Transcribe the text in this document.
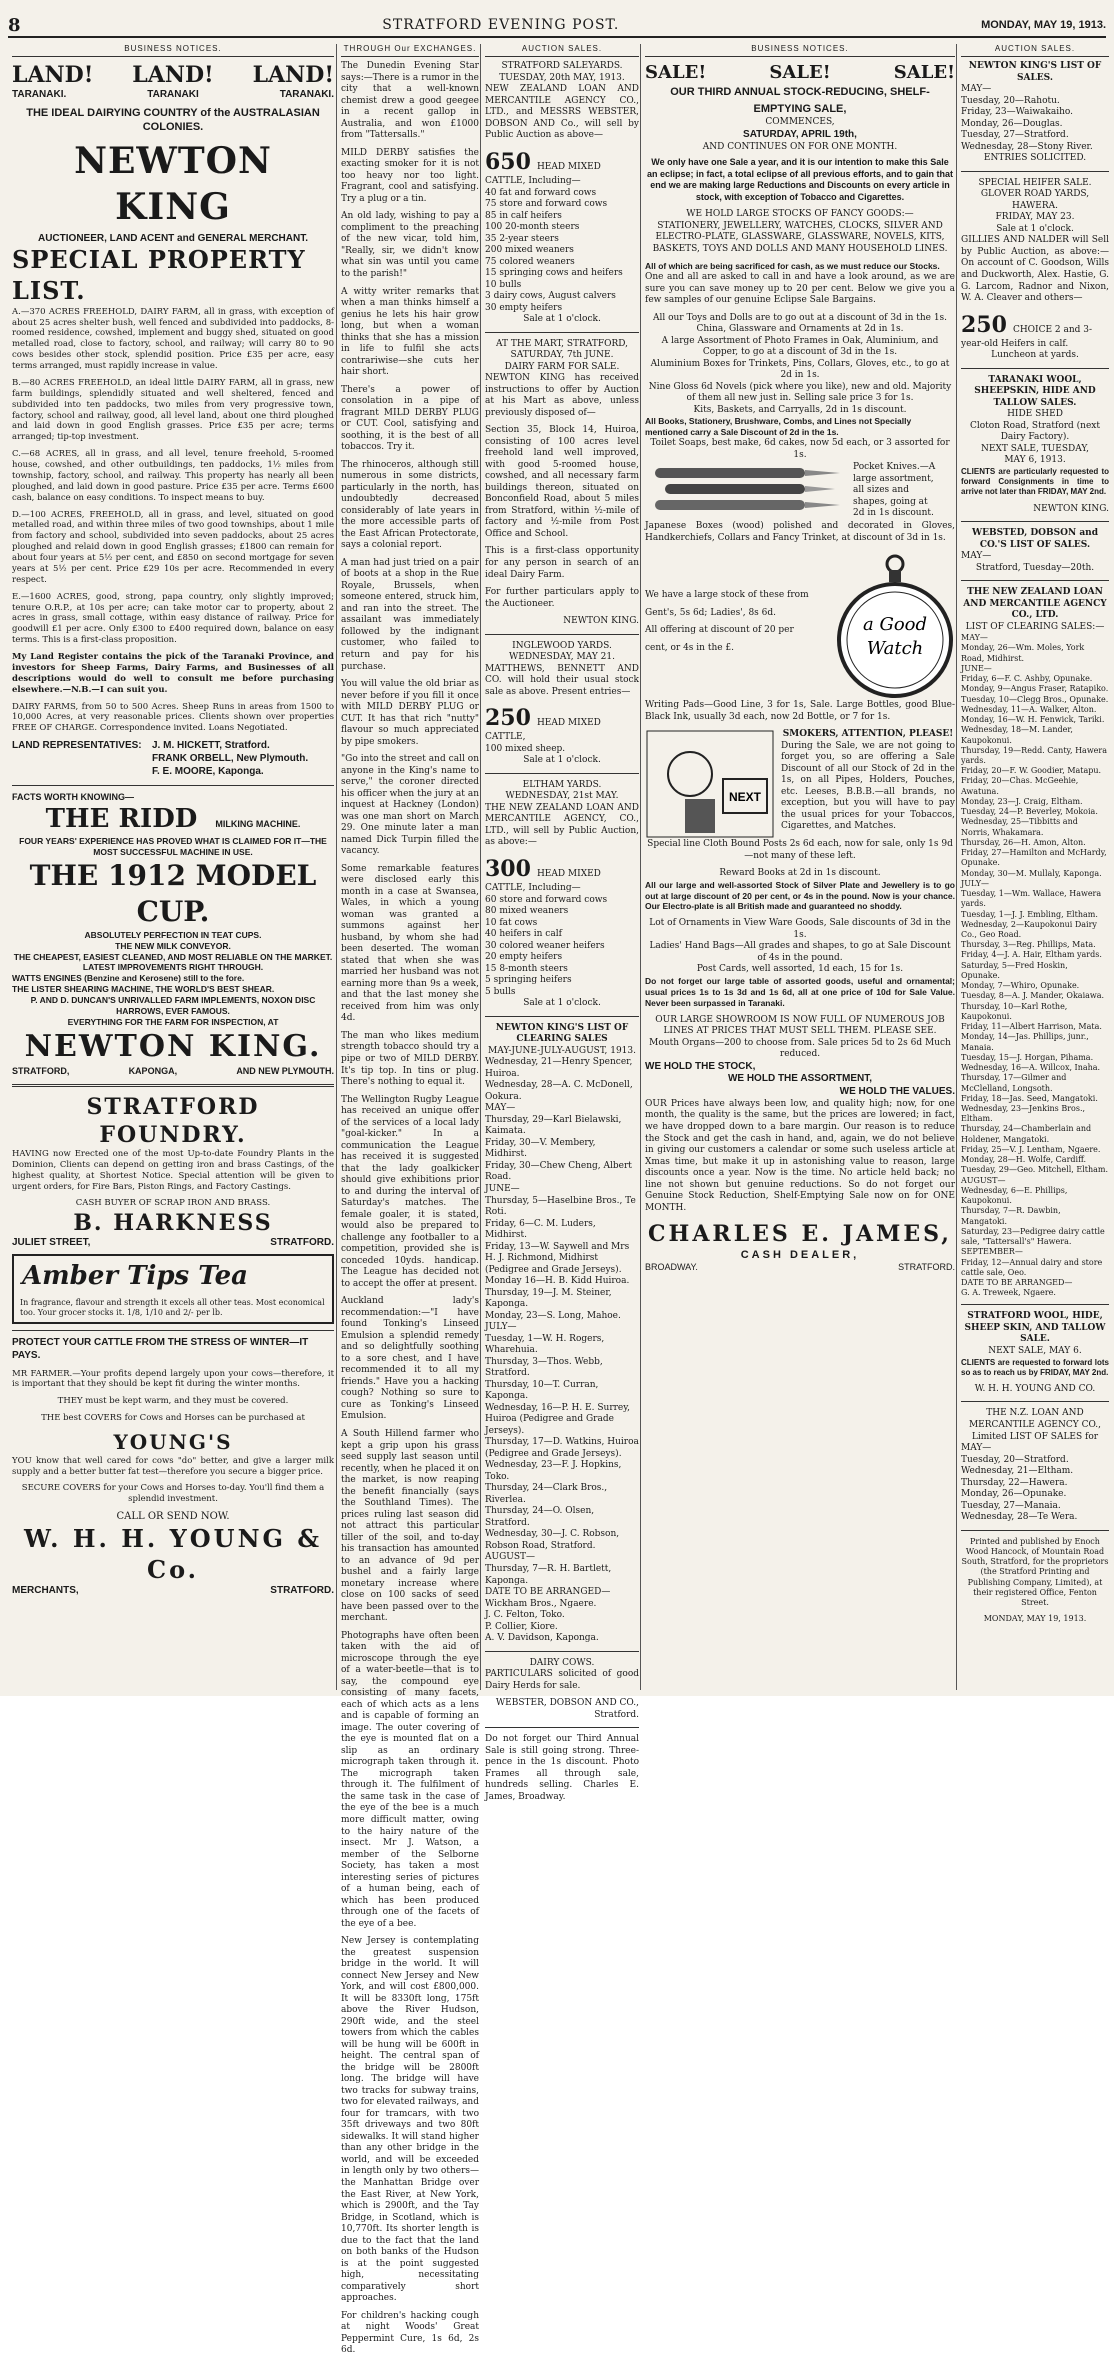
8	STRATFORD EVENING POST.	MONDAY, MAY 19, 1913.
BUSINESS NOTICES.
LAND! LAND! LAND!
TARANAKI.	TARANAKI	TARANAKI.
THE IDEAL DAIRYING COUNTRY of the AUSTRALASIAN COLONIES.
NEWTON KING
AUCTIONEER, LAND ACENT and GENERAL MERCHANT.
SPECIAL PROPERTY LIST.

A.—370 ACRES FREEHOLD, DAIRY FARM, all in grass, with exception of about 25 acres shelter bush, well fenced and subdivided into paddocks, 8-roomed residence, cowshed, implement and buggy shed, situated on good metalled road, close to factory, school, and railway; will carry 80 to 90 cows besides other stock, splendid position. Price £35 per acre, easy terms arranged, must rapidly increase in value.

B.—80 ACRES FREEHOLD, an ideal little DAIRY FARM, all in grass, new farm buildings, splendidly situated and well sheltered, fenced and subdivided into ten paddocks, two miles from very progressive town, factory, school and railway, good, all level land, about one third ploughed and laid down in good English grasses. Price £35 per acre; terms arranged; tip-top investment.

C.—68 ACRES, all in grass, and all level, tenure freehold, 5-roomed house, cowshed, and other outbuildings, ten paddocks, 1½ miles from township, factory, school, and railway. This property has nearly all been ploughed, and laid down in good pasture. Price £35 per acre. Terms £600 cash, balance on easy conditions. To inspect means to buy.

D.—100 ACRES, FREEHOLD, all in grass, and level, situated on good metalled road, and within three miles of two good townships, about 1 mile from factory and school, subdivided into seven paddocks, about 25 acres ploughed and relaid down in good English grasses; £1800 can remain for about four years at 5½ per cent, and £850 on second mortgage for seven years at 5½ per cent. Price £29 10s per acre. Recommended in every respect.

E.—1600 ACRES, good, strong, papa country, only slightly improved; tenure O.R.P., at 10s per acre; can take motor car to property, about 2 acres in grass, small cottage, within easy distance of railway. Price for goodwill £1 per acre. Only £300 to £400 required down, balance on easy terms. This is a first-class proposition.

My Land Register contains the pick of the Taranaki Province, and investors for Sheep Farms, Dairy Farms, and Businesses of all descriptions would do well to consult me before purchasing elsewhere.—N.B.—I can suit you.

DAIRY FARMS, from 50 to 500 Acres. Sheep Runs in areas from 1500 to 10,000 Acres, at very reasonable prices. Clients shown over properties FREE OF CHARGE. Correspondence invited. Loans Negotiated.

LAND REPRESENTATIVES:	J. M. HICKETT, Stratford.
FRANK ORBELL, New Plymouth.
F. E. MOORE, Kaponga.
FACTS WORTH KNOWING—
THE RIDD MILKING MACHINE.
FOUR YEARS' EXPERIENCE HAS PROVED WHAT IS CLAIMED FOR IT—THE MOST SUCCESSFUL MACHINE IN USE.
THE 1912 MODEL CUP.
ABSOLUTELY PERFECTION IN TEAT CUPS.
THE NEW MILK CONVEYOR.
THE CHEAPEST, EASIEST CLEANED, AND MOST RELIABLE ON THE MARKET.
LATEST IMPROVEMENTS RIGHT THROUGH.
WATTS ENGINES (Benzine and Kerosene) still to the fore.
THE LISTER SHEARING MACHINE, THE WORLD'S BEST SHEAR.
P. AND D. DUNCAN'S UNRIVALLED FARM IMPLEMENTS, NOXON DISC HARROWS, EVER FAMOUS.
EVERYTHING FOR THE FARM FOR INSPECTION, AT
NEWTON KING.
STRATFORD,	KAPONGA,	AND NEW PLYMOUTH.
STRATFORD FOUNDRY.

HAVING now Erected one of the most Up-to-date Foundry Plants in the Dominion, Clients can depend on getting iron and brass Castings, of the highest quality, at Shortest Notice. Special attention will be given to urgent orders, for Fire Bars, Piston Rings, and Factory Castings.

CASH BUYER OF SCRAP IRON AND BRASS.
B. HARKNESS
JULIET STREET,	STRATFORD.
Amber Tips Tea
In fragrance, flavour and strength it excels all other teas. Most economical too. Your grocer stocks it. 1/8, 1/10 and 2/- per lb.
PROTECT YOUR CATTLE FROM THE STRESS OF WINTER—IT PAYS.

MR FARMER.—Your profits depend largely upon your cows—therefore, it is important that they should be kept fit during the winter months.

THEY must be kept warm, and they must be covered.

THE best COVERS for Cows and Horses can be purchased at

YOUNG'S

YOU know that well cared for cows "do" better, and give a larger milk supply and a better butter fat test—therefore you secure a bigger price.

SECURE COVERS for your Cows and Horses to-day. You'll find them a splendid investment.

CALL OR SEND NOW.
W. H. H. YOUNG & Co.
MERCHANTS,	STRATFORD.
THROUGH Our EXCHANGES.

The Dunedin Evening Star says:—There is a rumor in the city that a well-known chemist drew a good geegee in a recent gallop in Australia, and won £1000 from "Tattersalls."

MILD DERBY satisfies the exacting smoker for it is not too heavy nor too light. Fragrant, cool and satisfying. Try a plug or a tin.

An old lady, wishing to pay a compliment to the preaching of the new vicar, told him, "Really, sir, we didn't know what sin was until you came to the parish!"

A witty writer remarks that when a man thinks himself a genius he lets his hair grow long, but when a woman thinks that she has a mission in life to fulfil she acts contrariwise—she cuts her hair short.

There's a power of consolation in a pipe of fragrant MILD DERBY PLUG or CUT. Cool, satisfying and soothing, it is the best of all tobaccos. Try it.

The rhinoceros, although still numerous in some districts, particularly in the north, has undoubtedly decreased considerably of late years in the more accessible parts of the East African Protectorate, says a colonial report.

A man had just tried on a pair of boots at a shop in the Rue Royale, Brussels, when someone entered, struck him, and ran into the street. The assailant was immediately followed by the indignant customer, who failed to return and pay for his purchase.

You will value the old briar as never before if you fill it once with MILD DERBY PLUG or CUT. It has that rich "nutty" flavour so much appreciated by pipe smokers.

"Go into the street and call on anyone in the King's name to serve," the coroner directed his officer when the jury at an inquest at Hackney (London) was one man short on March 29. One minute later a man named Dick Turpin filled the vacancy.

Some remarkable features were disclosed early this month in a case at Swansea, Wales, in which a young woman was granted a summons against her husband, by whom she had been deserted. The woman stated that when she was married her husband was not earning more than 9s a week, and that the last money she received from him was only 4d.

The man who likes medium strength tobacco should try a pipe or two of MILD DERBY. It's tip top. In tins or plug. There's nothing to equal it.

The Wellington Rugby League has received an unique offer of the services of a local lady "goal-kicker." In a communication the League has received it is suggested that the lady goalkicker should give exhibitions prior to and during the interval of Saturday's matches. The female goaler, it is stated, would also be prepared to challenge any footballer to a competition, provided she is conceded 10yds. handicap. The League has decided not to accept the offer at present.

Auckland lady's recommendation:—"I have found Tonking's Linseed Emulsion a splendid remedy and so delightfully soothing to a sore chest, and I have recommended it to all my friends." Have you a hacking cough? Nothing so sure to cure as Tonking's Linseed Emulsion.

A South Hillend farmer who kept a grip upon his grass seed supply last season until recently, when he placed it on the market, is now reaping the benefit financially (says the Southland Times). The prices ruling last season did not attract this particular tiller of the soil, and to-day his transaction has amounted to an advance of 9d per bushel and a fairly large monetary increase where close on 100 sacks of seed have been passed over to the merchant.

Photographs have often been taken with the aid of microscope through the eye of a water-beetle—that is to say, the compound eye consisting of many facets, each of which acts as a lens and is capable of forming an image. The outer covering of the eye is mounted flat on a slip as an ordinary micrograph taken through it. The micrograph taken through it. The fulfilment of the same task in the case of the eye of the bee is a much more difficult matter, owing to the hairy nature of the insect. Mr J. Watson, a member of the Selborne Society, has taken a most interesting series of pictures of a human being, each of which has been produced through one of the facets of the eye of a bee.

New Jersey is contemplating the greatest suspension bridge in the world. It will connect New Jersey and New York, and will cost £800,000. It will be 8330ft long, 175ft above the River Hudson, 290ft wide, and the steel towers from which the cables will be hung will be 600ft in height. The central span of the bridge will be 2800ft long. The bridge will have two tracks for subway trains, two for elevated railways, and four for tramcars, with two 35ft driveways and two 80ft sidewalks. It will stand higher than any other bridge in the world, and will be exceeded in length only by two others—the Manhattan Bridge over the East River, at New York, which is 2900ft, and the Tay Bridge, in Scotland, which is 10,770ft. Its shorter length is due to the fact that the land on both banks of the Hudson is at the point suggested high, necessitating comparatively short approaches.

For children's hacking cough at night Woods' Great Peppermint Cure, 1s 6d, 2s 6d.

AUCTION SALES.
STRATFORD SALEYARDS.
TUESDAY, 20th MAY, 1913.

NEW ZEALAND LOAN AND MERCANTILE AGENCY CO., LTD., and MESSRS WEBSTER, DOBSON AND Co., will sell by Public Auction as above—

650 HEAD MIXED CATTLE, Including—
40 fat and forward cows
75 store and forward cows
85 in calf heifers
100 20-month steers
35 2-year steers
200 mixed weaners
75 colored weaners
15 springing cows and heifers
10 bulls
3 dairy cows, August calvers
30 empty heifers
Sale at 1 o'clock.
AT THE MART, STRATFORD,
SATURDAY, 7th JUNE.
DAIRY FARM FOR SALE.

NEWTON KING has received instructions to offer by Auction at his Mart as above, unless previously disposed of—

Section 35, Block 14, Huiroa, consisting of 100 acres level freehold land well improved, with good 5-roomed house, cowshed, and all necessary farm buildings thereon, situated on Bonconfield Road, about 5 miles from Stratford, within ½-mile of factory and ½-mile from Post Office and School.

This is a first-class opportunity for any person in search of an ideal Dairy Farm.

For further particulars apply to the Auctioneer.

NEWTON KING.
INGLEWOOD YARDS.
WEDNESDAY, MAY 21.

MATTHEWS, BENNETT AND CO. will hold their usual stock sale as above. Present entries—

250 HEAD MIXED CATTLE,
100 mixed sheep.
Sale at 1 o'clock.
ELTHAM YARDS.
WEDNESDAY, 21st MAY.

THE NEW ZEALAND LOAN AND MERCANTILE AGENCY, CO., LTD., will sell by Public Auction, as above:—

300 HEAD MIXED CATTLE, Including—
60 store and forward cows
80 mixed weaners
10 fat cows
40 heifers in calf
30 colored weaner heifers
20 empty heifers
15 8-month steers
5 springing heifers
5 bulls
Sale at 1 o'clock.
NEWTON KING'S LIST OF CLEARING SALES
MAY-JUNE-JULY-AUGUST, 1913.
Wednesday, 21—Henry Spencer, Huiroa.
Wednesday, 28—A. C. McDonell, Ookura.
MAY—
Thursday, 29—Karl Bielawski, Kaimata.
Friday, 30—V. Membery, Midhirst.
Friday, 30—Chew Cheng, Albert Road.
JUNE—
Thursday, 5—Haselbine Bros., Te Roti.
Friday, 6—C. M. Luders, Midhirst.
Friday, 13—W. Saywell and Mrs H. J. Richmond, Midhirst (Pedigree and Grade Jerseys).
Monday 16—H. B. Kidd Huiroa.
Thursday, 19—J. M. Steiner, Kaponga.
Monday, 23—S. Long, Mahoe.
JULY—
Tuesday, 1—W. H. Rogers, Wharehuia.
Thursday, 3—Thos. Webb, Stratford.
Thursday, 10—T. Curran, Kaponga.
Wednesday, 16—P. H. E. Surrey, Huiroa (Pedigree and Grade Jerseys).
Thursday, 17—D. Watkins, Huiroa (Pedigree and Grade Jerseys).
Wednesday, 23—F. J. Hopkins, Toko.
Thursday, 24—Clark Bros., Riverlea.
Thursday, 24—O. Olsen, Stratford.
Wednesday, 30—J. C. Robson, Robson Road, Stratford.
AUGUST—
Thursday, 7—R. H. Bartlett, Kaponga.
DATE TO BE ARRANGED—
Wickham Bros., Ngaere.
J. C. Felton, Toko.
P. Collier, Kiore.
A. V. Davidson, Kaponga.
DAIRY COWS.

PARTICULARS solicited of good Dairy Herds for sale.

WEBSTER, DOBSON AND CO., Stratford.

Do not forget our Third Annual Sale is still going strong. Three-pence in the 1s discount. Photo Frames all through sale, hundreds selling. Charles E. James, Broadway.

BUSINESS NOTICES.
SALE!	SALE!	SALE!
OUR THIRD ANNUAL STOCK-REDUCING, SHELF-EMPTYING SALE,
COMMENCES,
SATURDAY, APRIL 19th,
AND CONTINUES ON FOR ONE MONTH.

We only have one Sale a year, and it is our intention to make this Sale an eclipse; in fact, a total eclipse of all previous efforts, and to gain that end we are making large Reductions and Discounts on every article in stock, with exception of Tobacco and Cigarettes.

WE HOLD LARGE STOCKS OF FANCY GOODS:—

STATIONERY, JEWELLERY, WATCHES, CLOCKS, SILVER AND ELECTRO-PLATE, GLASSWARE, GLASSWARE, NOVELS, KITS, BASKETS, TOYS AND DOLLS AND MANY HOUSEHOLD LINES.

All of which are being sacrificed for cash, as we must reduce our Stocks.

One and all are asked to call in and have a look around, as we are sure you can save money up to 20 per cent. Below we give you a few samples of our genuine Eclipse Sale Bargains.

All our Toys and Dolls are to go out at a discount of 3d in the 1s.
China, Glassware and Ornaments at 2d in 1s.
A large Assortment of Photo Frames in Oak, Aluminium, and Copper, to go at a discount of 3d in the 1s.
Aluminium Boxes for Trinkets, Pins, Collars, Gloves, etc., to go at 2d in 1s.
Nine Gloss 6d Novels (pick where you like), new and old. Majority of them all new just in. Selling sale price 3 for 1s.
Kits, Baskets, and Carryalls, 2d in 1s discount.
All Books, Stationery, Brushware, Combs, and Lines not Specially mentioned carry a Sale Discount of 2d in the 1s.
Toilet Soaps, best make, 6d cakes, now 5d each, or 3 assorted for 1s.
Pocket Knives.—A
large assortment,
all sizes and
shapes, going at
2d in 1s discount.

Japanese Boxes (wood) polished and decorated in Gloves, Handkerchiefs, Collars and Fancy Trinket, at discount of 3d in 1s.

We have a large stock of these from

Gent's, 5s 6d; Ladies', 8s 6d.

All offering at discount of 20 per

cent, or 4s in the £.

a Good
Watch

Writing Pads—Good Line, 3 for 1s, Sale. Large Bottles, good Blue-Black Ink, usually 3d each, now 2d Bottle, or 7 for 1s.

NEXT
SMOKERS, ATTENTION, PLEASE!

During the Sale, we are not going to forget you, so are offering a Sale Discount of all our Stock of 2d in the 1s, on all Pipes, Holders, Pouches, etc. Leeses, B.B.B.—all brands, no exception, but you will have to pay the usual prices for your Tobaccos, Cigarettes, and Matches.

Special line Cloth Bound Posts 2s 6d each, now for sale, only 1s 9d—not many of these left.

Reward Books at 2d in 1s discount.

All our large and well-assorted Stock of Silver Plate and Jewellery is to go out at large discount of 20 per cent, or 4s in the pound. Now is your chance. Our Electro-plate is all British made and guaranteed no shoddy.

Lot of Ornaments in View Ware Goods, Sale discounts of 3d in the 1s.
Ladies' Hand Bags—All grades and shapes, to go at Sale Discount of 4s in the pound.
Post Cards, well assorted, 1d each, 15 for 1s.

Do not forget our large table of assorted goods, useful and ornamental; usual prices 1s to 1s 3d and 1s 6d, all at one price of 10d for Sale Value. Never been surpassed in Taranaki.

OUR LARGE SHOWROOM IS NOW FULL OF NUMEROUS JOB LINES AT PRICES THAT MUST SELL THEM. PLEASE SEE.
Mouth Organs—200 to choose from. Sale prices 5d to 2s 6d Much reduced.
WE HOLD THE STOCK,
WE HOLD THE ASSORTMENT,
WE HOLD THE VALUES.

OUR Prices have always been low, and quality high; now, for one month, the quality is the same, but the prices are lowered; in fact, we have dropped down to a bare margin. Our reason is to reduce the Stock and get the cash in hand, and, again, we do not believe in giving our customers a calendar or some such useless article at Xmas time, but make it up in astonishing value to reason, large discounts once a year. Now is the time. No article held back; no line not shown but genuine reductions. So do not forget our Genuine Stock Reduction, Shelf-Emptying Sale now on for ONE MONTH.

CHARLES E. JAMES,
CASH DEALER,
BROADWAY.	STRATFORD.
AUCTION SALES.
NEWTON KING'S LIST OF SALES.
MAY—
Tuesday, 20—Rahotu.
Friday, 23—Waiwakaiho.
Monday, 26—Douglas.
Tuesday, 27—Stratford.
Wednesday, 28—Stony River.
ENTRIES SOLICITED.
SPECIAL HEIFER SALE.
GLOVER ROAD YARDS, HAWERA.
FRIDAY, MAY 23.
Sale at 1 o'clock.

GILLIES AND NALDER will Sell by Public Auction, as above:—On account of C. Goodson, Wills and Duckworth, Alex. Hastie, G. G. Larcom, Radnor and Nixon, W. A. Cleaver and others—

250 CHOICE 2 and 3-year-old Heifers in calf.
Luncheon at yards.
TARANAKI WOOL, SHEEPSKIN, HIDE AND TALLOW SALES.
HIDE SHED
Cloton Road, Stratford (next Dairy Factory).
NEXT SALE, TUESDAY,
MAY 6, 1913.

CLIENTS are particularly requested to forward Consignments in time to arrive not later than FRIDAY, MAY 2nd.

NEWTON KING.
WEBSTED, DOBSON and CO.'S LIST OF SALES.
MAY—
Stratford, Tuesday—20th.
THE NEW ZEALAND LOAN AND MERCANTILE AGENCY CO., LTD.
LIST OF CLEARING SALES:—
MAY—
Monday, 26—Wm. Moles, York Road, Midhirst.
JUNE—
Friday, 6—F. C. Ashby, Opunake.
Monday, 9—Angus Fraser, Ratapiko.
Tuesday, 10—Clegg Bros., Opunake.
Wednesday, 11—A. Walker, Alton.
Monday, 16—W. H. Fenwick, Tariki.
Wednesday, 18—M. Lander, Kaupokonui.
Thursday, 19—Redd. Canty, Hawera yards.
Friday, 20—F. W. Goodier, Matapu.
Friday, 20—Chas. McGeehie, Awatuna.
Monday, 23—J. Craig, Eltham.
Tuesday, 24—P. Beverley, Mokoia.
Wednesday, 25—Tibbitts and Norris, Whakamara.
Thursday, 26—H. Amon, Alton.
Friday, 27—Hamilton and McHardy, Opunake.
Monday, 30—M. Mullaly, Kaponga.
JULY—
Tuesday, 1—Wm. Wallace, Hawera yards.
Tuesday, 1—J. J. Embling, Eltham.
Wednesday, 2—Kaupokonui Dairy Co., Geo Road.
Thursday, 3—Reg. Phillips, Mata.
Friday, 4—J. A. Hair, Eltham yards.
Saturday, 5—Fred Hoskin, Opunake.
Monday, 7—Whiro, Opunake.
Tuesday, 8—A. J. Mander, Okaiawa.
Thursday, 10—Karl Rothe, Kaupokonui.
Friday, 11—Albert Harrison, Mata.
Monday, 14—Jas. Phillips, junr., Manaia.
Tuesday, 15—J. Horgan, Pihama.
Wednesday, 16—A. Willcox, Inaha.
Thursday, 17—Gilmer and McClelland, Longsoth.
Friday, 18—Jas. Seed, Mangatoki.
Wednesday, 23—Jenkins Bros., Eltham.
Thursday, 24—Chamberlain and Holdener, Mangatoki.
Friday, 25—V. J. Lentham, Ngaere.
Monday, 28—H. Wolfe, Cardiff.
Tuesday, 29—Geo. Mitchell, Eltham.
AUGUST—
Wednesday, 6—E. Phillips, Kaupokonui.
Thursday, 7—R. Dawbin, Mangatoki.
Saturday, 23—Pedigree dairy cattle sale, "Tattersall's" Hawera.
SEPTEMBER—
Friday, 12—Annual dairy and store cattle sale, Oeo.
DATE TO BE ARRANGED—
G. A. Treweek, Ngaere.
STRATFORD WOOL, HIDE, SHEEP SKIN, AND TALLOW SALE.
NEXT SALE, MAY 6.

CLIENTS are requested to forward lots so as to reach us by FRIDAY, MAY 2nd.

W. H. H. YOUNG AND CO.
THE N.Z. LOAN AND MERCANTILE AGENCY CO., Limited LIST OF SALES for
MAY—
Tuesday, 20—Stratford.
Wednesday, 21—Eltham.
Thursday, 22—Hawera.
Monday, 26—Opunake.
Tuesday, 27—Manaia.
Wednesday, 28—Te Wera.

Printed and published by Enoch Wood Hancock, of Mountain Road South, Stratford, for the proprietors (the Stratford Printing and Publishing Company, Limited), at their registered Office, Fenton Street.

MONDAY, MAY 19, 1913.
